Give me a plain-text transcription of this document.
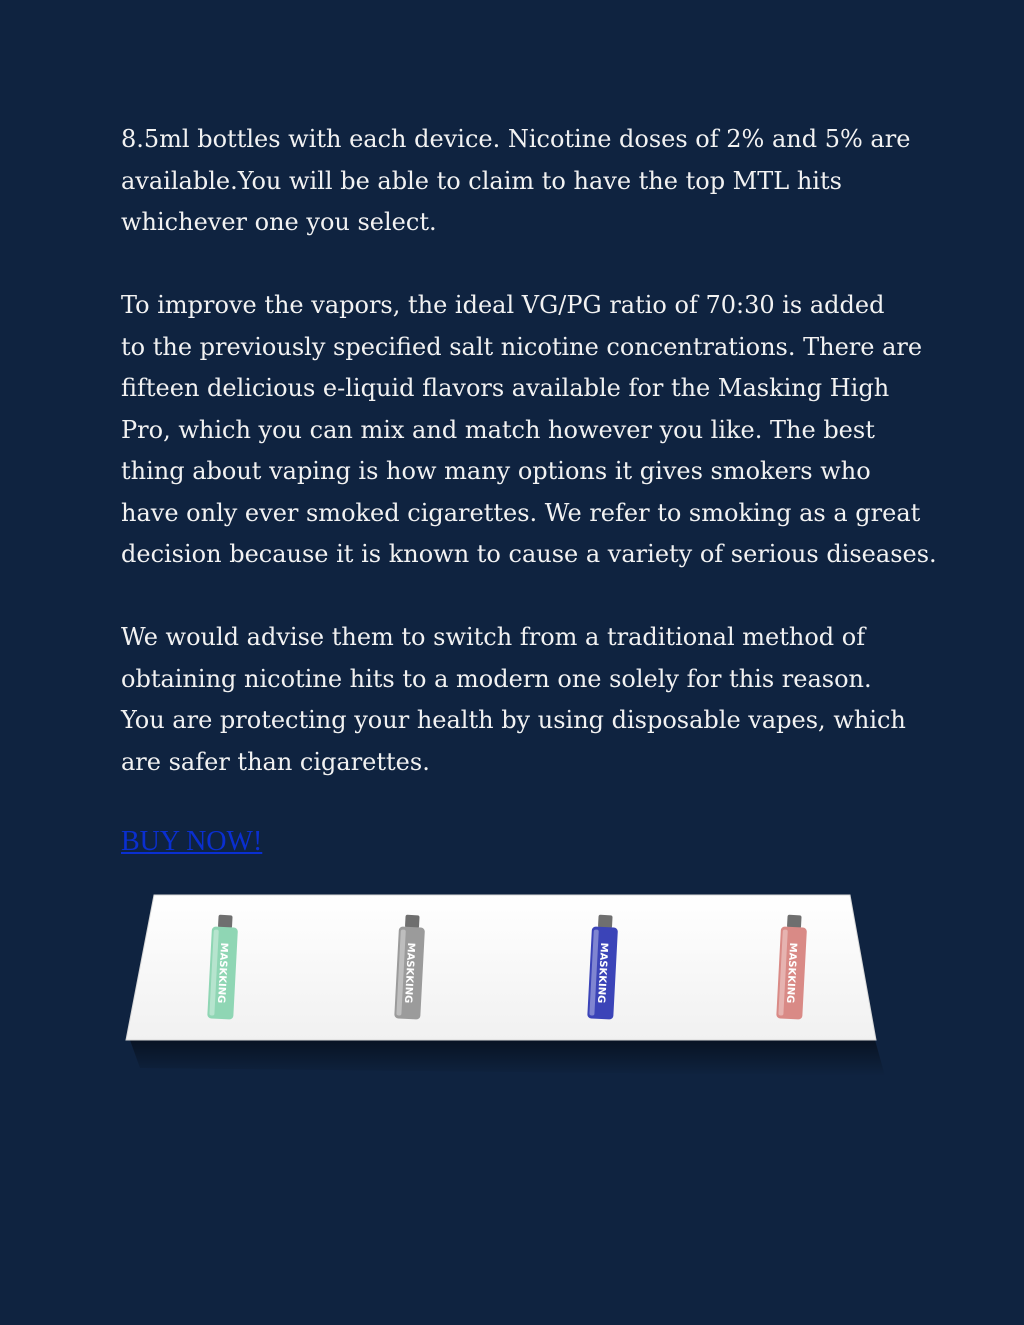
8.5ml bottles with each device. Nicotine doses of 2% and 5% are
available.You will be able to claim to have the top MTL hits
whichever one you select.

To improve the vapors, the ideal VG/PG ratio of 70:30 is added
to the previously specified salt nicotine concentrations. There are
fifteen delicious e-liquid flavors available for the Masking High
Pro, which you can mix and match however you like. The best
thing about vaping is how many options it gives smokers who
have only ever smoked cigarettes. We refer to smoking as a great
decision because it is known to cause a variety of serious diseases.

We would advise them to switch from a traditional method of
obtaining nicotine hits to a modern one solely for this reason.
You are protecting your health by using disposable vapes, which
are safer than cigarettes.

BUY NOW!
MASKKING	MASKKING	MASKKING	MASKKING
